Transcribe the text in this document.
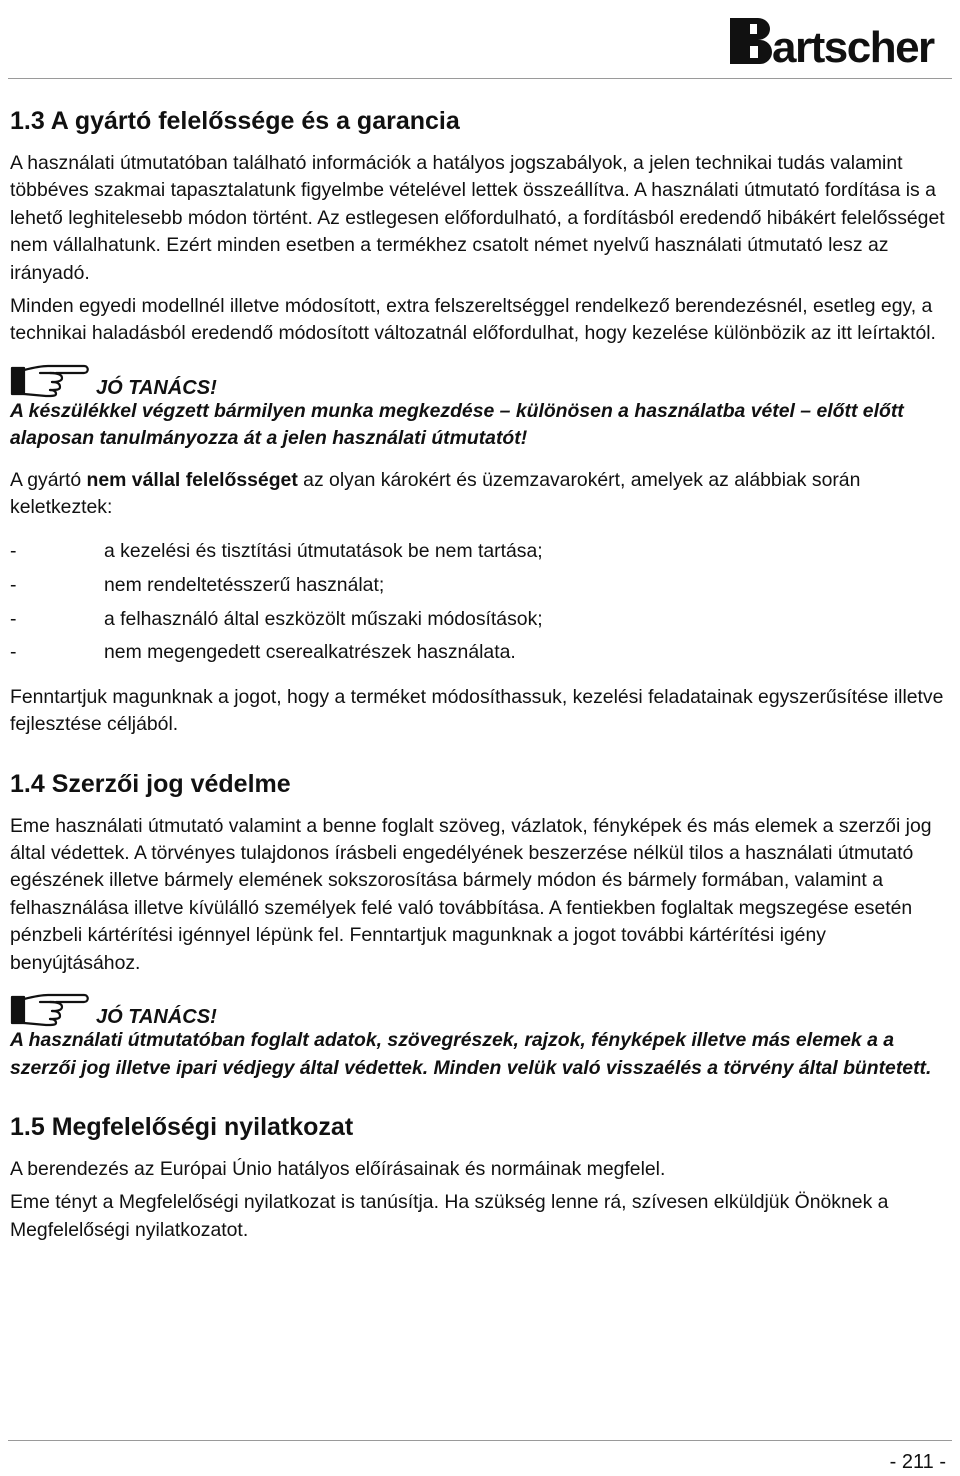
artscher
1.3 A gyártó felelőssége és a garancia

A használati útmutatóban található információk a hatályos jogszabályok, a jelen technikai tudás valamint többéves szakmai tapasztalatunk figyelmbe vételével lettek összeállítva. A használati útmutató fordítása is a lehető leghitelesebb módon történt. Az estlegesen előfordulható, a fordításból eredendő hibákért felelősséget nem vállalhatunk. Ezért minden esetben a termékhez csatolt német nyelvű használati útmutató lesz az irányadó.

Minden egyedi modellnél illetve módosított, extra felszereltséggel rendelkező berendezésnél, esetleg egy, a technikai haladásból eredendő módosított változatnál előfordulhat, hogy kezelése különbözik az itt leírtaktól.

JÓ TANÁCS!

A készülékkel végzett bármilyen munka megkezdése – különösen a használatba vétel – előtt előtt alaposan tanulmányozza át a jelen használati útmutatót!

A gyártó nem vállal felelősséget az olyan károkért és üzemzavarokért, amelyek az alábbiak során keletkeztek:

-	a kezelési és tisztítási útmutatások be nem tartása;
-	nem rendeltetésszerű használat;
-	a felhasználó által eszközölt műszaki módosítások;
-	nem megengedett cserealkatrészek használata.

Fenntartjuk magunknak a jogot, hogy a terméket módosíthassuk, kezelési feladatainak egyszerűsítése illetve fejlesztése céljából.

1.4 Szerzői jog védelme

Eme használati útmutató valamint a benne foglalt szöveg, vázlatok, fényképek és más elemek a szerzői jog által védettek. A törvényes tulajdonos írásbeli engedélyének beszerzése nélkül tilos a használati útmutató egészének illetve bármely elemének sokszorosítása bármely módon és bármely formában, valamint a felhasználása illetve kívülálló személyek felé való továbbítása. A fentiekben foglaltak megszegése esetén pénzbeli kártérítési igénnyel lépünk fel. Fenntartjuk magunknak a jogot további kártérítési igény benyújtásához.

JÓ TANÁCS!

A használati útmutatóban foglalt adatok, szövegrészek, rajzok, fényképek illetve más elemek a a szerzői jog illetve ipari védjegy által védettek. Minden velük való visszaélés a törvény által büntetett.

1.5 Megfelelőségi nyilatkozat

A berendezés az Európai Únio hatályos előírásainak és normáinak megfelel.

Eme tényt a Megfelelőségi nyilatkozat is tanúsítja. Ha szükség lenne rá, szívesen elküldjük Önöknek a Megfelelőségi nyilatkozatot.

- 211 -
